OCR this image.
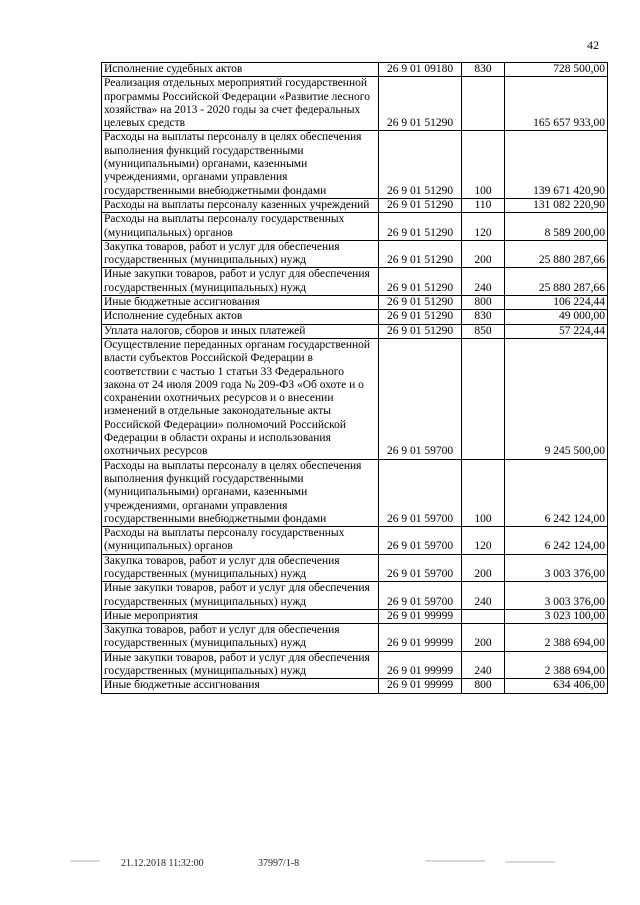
42
Исполнение судебных актов	26 9 01 09180	830	728 500,00
Реализация отдельных мероприятий государственной программы Российской Федерации «Развитие лесного хозяйства» на 2013 - 2020 годы за счет федеральных целевых средств	26 9 01 51290		165 657 933,00
Расходы на выплаты персоналу в целях обеспечения выполнения функций государственными (муниципальными) органами, казенными учреждениями, органами управления государственными внебюджетными фондами	26 9 01 51290	100	139 671 420,90
Расходы на выплаты персоналу казенных учреждений	26 9 01 51290	110	131 082 220,90
Расходы на выплаты персоналу государственных (муниципальных) органов	26 9 01 51290	120	8 589 200,00
Закупка товаров, работ и услуг для обеспечения государственных (муниципальных) нужд	26 9 01 51290	200	25 880 287,66
Иные закупки товаров, работ и услуг для обеспечения государственных (муниципальных) нужд	26 9 01 51290	240	25 880 287,66
Иные бюджетные ассигнования	26 9 01 51290	800	106 224,44
Исполнение судебных актов	26 9 01 51290	830	49 000,00
Уплата налогов, сборов и иных платежей	26 9 01 51290	850	57 224,44
Осуществление переданных органам государственной власти субъектов Российской Федерации в соответствии с частью 1 статьи 33 Федерального закона от 24 июля 2009 года № 209-ФЗ «Об охоте и о сохранении охотничьих ресурсов и о внесении изменений в отдельные законодательные акты Российской Федерации» полномочий Российской Федерации в области охраны и использования охотничьих ресурсов	26 9 01 59700		9 245 500,00
Расходы на выплаты персоналу в целях обеспечения выполнения функций государственными (муниципальными) органами, казенными учреждениями, органами управления государственными внебюджетными фондами	26 9 01 59700	100	6 242 124,00
Расходы на выплаты персоналу государственных (муниципальных) органов	26 9 01 59700	120	6 242 124,00
Закупка товаров, работ и услуг для обеспечения государственных (муниципальных) нужд	26 9 01 59700	200	3 003 376,00
Иные закупки товаров, работ и услуг для обеспечения государственных (муниципальных) нужд	26 9 01 59700	240	3 003 376,00
Иные мероприятия	26 9 01 99999		3 023 100,00
Закупка товаров, работ и услуг для обеспечения государственных (муниципальных) нужд	26 9 01 99999	200	2 388 694,00
Иные закупки товаров, работ и услуг для обеспечения государственных (муниципальных) нужд	26 9 01 99999	240	2 388 694,00
Иные бюджетные ассигнования	26 9 01 99999	800	634 406,00
21.12.2018 11:32:00	37997/1-8
